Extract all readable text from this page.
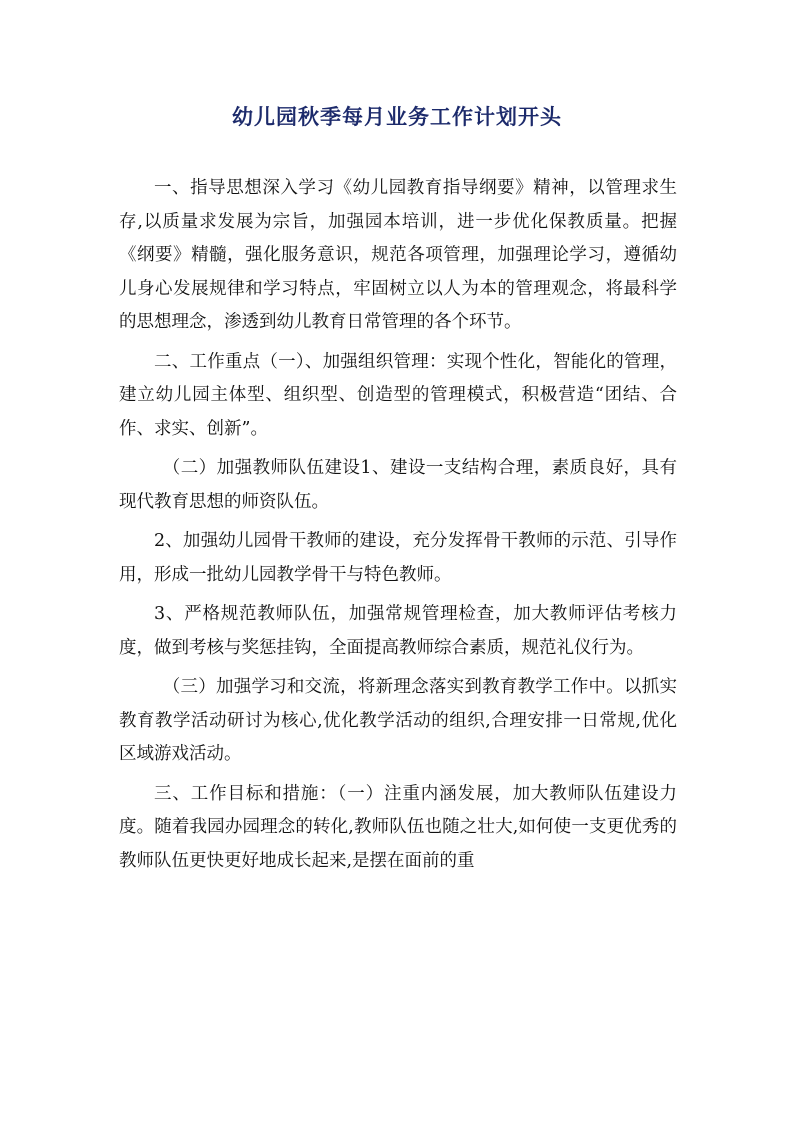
幼儿园秋季每月业务工作计划开头

一、指导思想深入学习《幼儿园教育指导纲要》精神，以管理求生存,以质量求发展为宗旨，加强园本培训，进一步优化保教质量。把握《纲要》精髓，强化服务意识，规范各项管理，加强理论学习，遵循幼儿身心发展规律和学习特点，牢固树立以人为本的管理观念，将最科学的思想理念，渗透到幼儿教育日常管理的各个环节。

二、工作重点（一）、加强组织管理：实现个性化，智能化的管理，建立幼儿园主体型、组织型、创造型的管理模式，积极营造“团结、合作、求实、创新”。

（二）加强教师队伍建设1、建设一支结构合理，素质良好，具有现代教育思想的师资队伍。

2、加强幼儿园骨干教师的建设，充分发挥骨干教师的示范、引导作用，形成一批幼儿园教学骨干与特色教师。

3、严格规范教师队伍，加强常规管理检查，加大教师评估考核力度，做到考核与奖惩挂钩，全面提高教师综合素质，规范礼仪行为。

（三）加强学习和交流，将新理念落实到教育教学工作中。以抓实教育教学活动研讨为核心,优化教学活动的组织,合理安排一日常规,优化区域游戏活动。

三、工作目标和措施：（一）注重内涵发展，加大教师队伍建设力度。随着我园办园理念的转化,教师队伍也随之壮大,如何使一支更优秀的教师队伍更快更好地成长起来,是摆在面前的重
